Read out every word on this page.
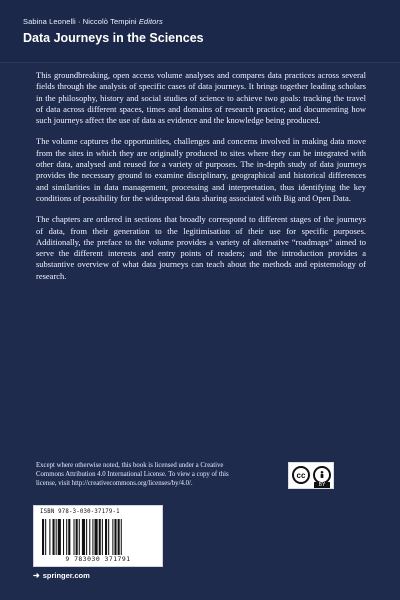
Sabina Leonelli · Niccolò Tempini Editors
Data Journeys in the Sciences

This groundbreaking, open access volume analyses and compares data practices across several fields through the analysis of specific cases of data journeys. It brings together leading scholars in the philosophy, history and social studies of science to achieve two goals: tracking the travel of data across different spaces, times and domains of research practice; and documenting how such journeys affect the use of data as evidence and the knowledge being produced.

The volume captures the opportunities, challenges and concerns involved in making data move from the sites in which they are originally produced to sites where they can be integrated with other data, analysed and reused for a variety of purposes. The in-depth study of data journeys provides the necessary ground to examine disciplinary, geographical and historical differences and similarities in data management, processing and interpretation, thus identifying the key conditions of possibility for the widespread data sharing associated with Big and Open Data.

The chapters are ordered in sections that broadly correspond to different stages of the journeys of data, from their generation to the legitimisation of their use for specific purposes. Additionally, the preface to the volume provides a variety of alternative “roadmaps” aimed to serve the different interests and entry points of readers; and the introduction provides a substantive overview of what data journeys can teach about the methods and epistemology of research.

Except where otherwise noted, this book is licensed under a Creative Commons Attribution 4.0 International License. To view a copy of this license, visit http://creativecommons.org/licenses/by/4.0/.
cc
BY
ISBN 978-3-030-37179-1
9 783030 371791
➜ springer.com
